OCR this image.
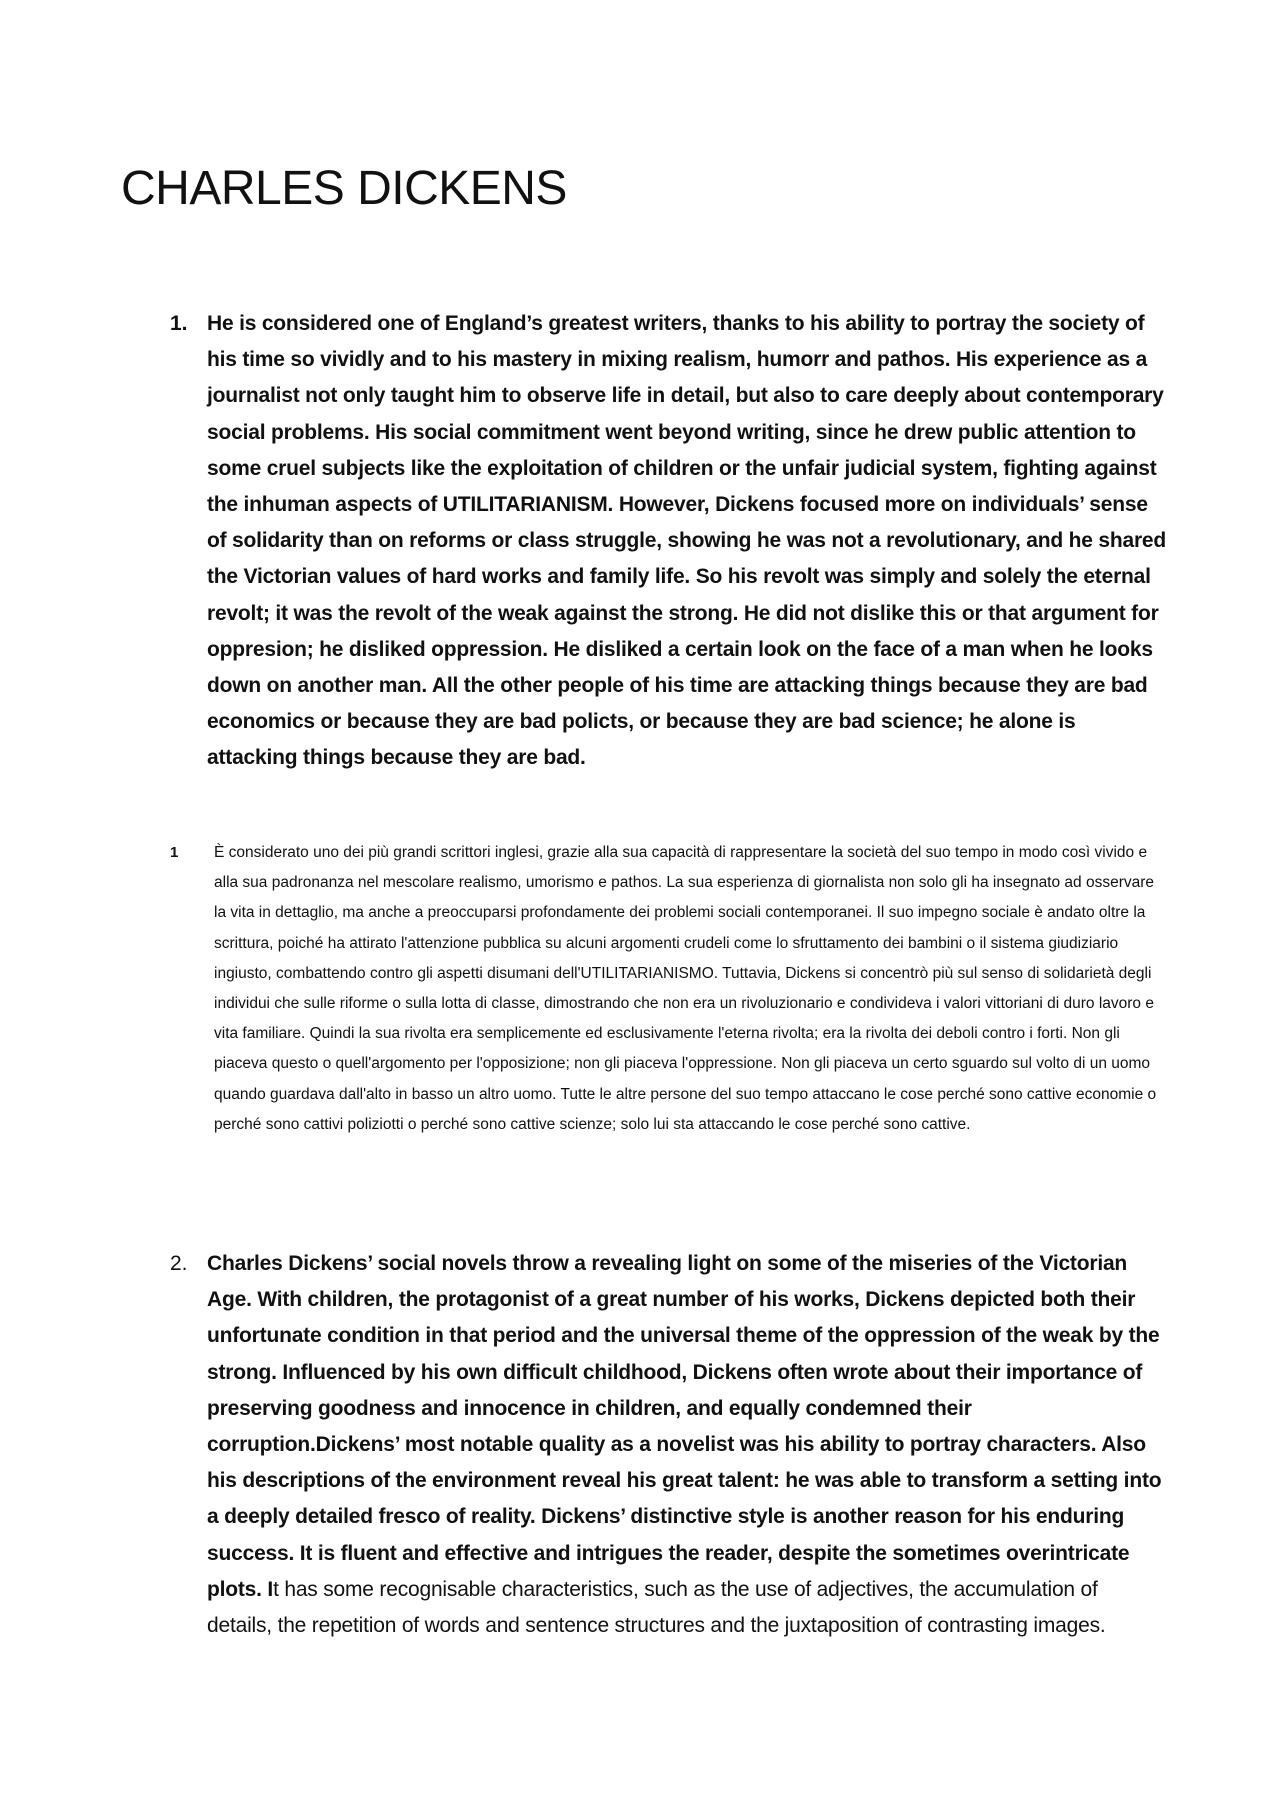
CHARLES DICKENS
1. He is considered one of England’s greatest writers, thanks to his ability to portray the society of his time so vividly and to his mastery in mixing realism, humorr and pathos. His experience as a journalist not only taught him to observe life in detail, but also to care deeply about contemporary social problems. His social commitment went beyond writing, since he drew public attention to some cruel subjects like the exploitation of children or the unfair judicial system, fighting against the inhuman aspects of UTILITARIANISM. However, Dickens focused more on individuals’ sense of solidarity than on reforms or class struggle, showing he was not a revolutionary, and he shared the Victorian values of hard works and family life. So his revolt was simply and solely the eternal revolt; it was the revolt of the weak against the strong. He did not dislike this or that argument for oppresion; he disliked oppression. He disliked a certain look on the face of a man when he looks down on another man. All the other people of his time are attacking things because they are bad economics or because they are bad policts, or because they are bad science; he alone is attacking things because they are bad.

1	È considerato uno dei più grandi scrittori inglesi, grazie alla sua capacità di rappresentare la società del suo tempo in modo così vivido e alla sua padronanza nel mescolare realismo, umorismo e pathos. La sua esperienza di giornalista non solo gli ha insegnato ad osservare la vita in dettaglio, ma anche a preoccuparsi profondamente dei problemi sociali contemporanei. Il suo impegno sociale è andato oltre la scrittura, poiché ha attirato l'attenzione pubblica su alcuni argomenti crudeli come lo sfruttamento dei bambini o il sistema giudiziario ingiusto, combattendo contro gli aspetti disumani dell'UTILITARIANISMO. Tuttavia, Dickens si concentrò più sul senso di solidarietà degli individui che sulle riforme o sulla lotta di classe, dimostrando che non era un rivoluzionario e condivideva i valori vittoriani di duro lavoro e vita familiare. Quindi la sua rivolta era semplicemente ed esclusivamente l'eterna rivolta; era la rivolta dei deboli contro i forti. Non gli piaceva questo o quell'argomento per l'opposizione; non gli piaceva l'oppressione. Non gli piaceva un certo sguardo sul volto di un uomo quando guardava dall'alto in basso un altro uomo. Tutte le altre persone del suo tempo attaccano le cose perché sono cattive economie o perché sono cattivi poliziotti o perché sono cattive scienze; solo lui sta attaccando le cose perché sono cattive.

2. Charles Dickens’ social novels throw a revealing light on some of the miseries of the Victorian Age. With children, the protagonist of a great number of his works, Dickens depicted both their unfortunate condition in that period and the universal theme of the oppression of the weak by the strong. Influenced by his own difficult childhood, Dickens often wrote about their importance of preserving goodness and innocence in children, and equally condemned their corruption.Dickens’ most notable quality as a novelist was his ability to portray characters. Also his descriptions of the environment reveal his great talent: he was able to transform a setting into a deeply detailed fresco of reality. Dickens’ distinctive style is another reason for his enduring success. It is fluent and effective and intrigues the reader, despite the sometimes overintricate plots. It has some recognisable characteristics, such as the use of adjectives, the accumulation of details, the repetition of words and sentence structures and the juxtaposition of contrasting images.
